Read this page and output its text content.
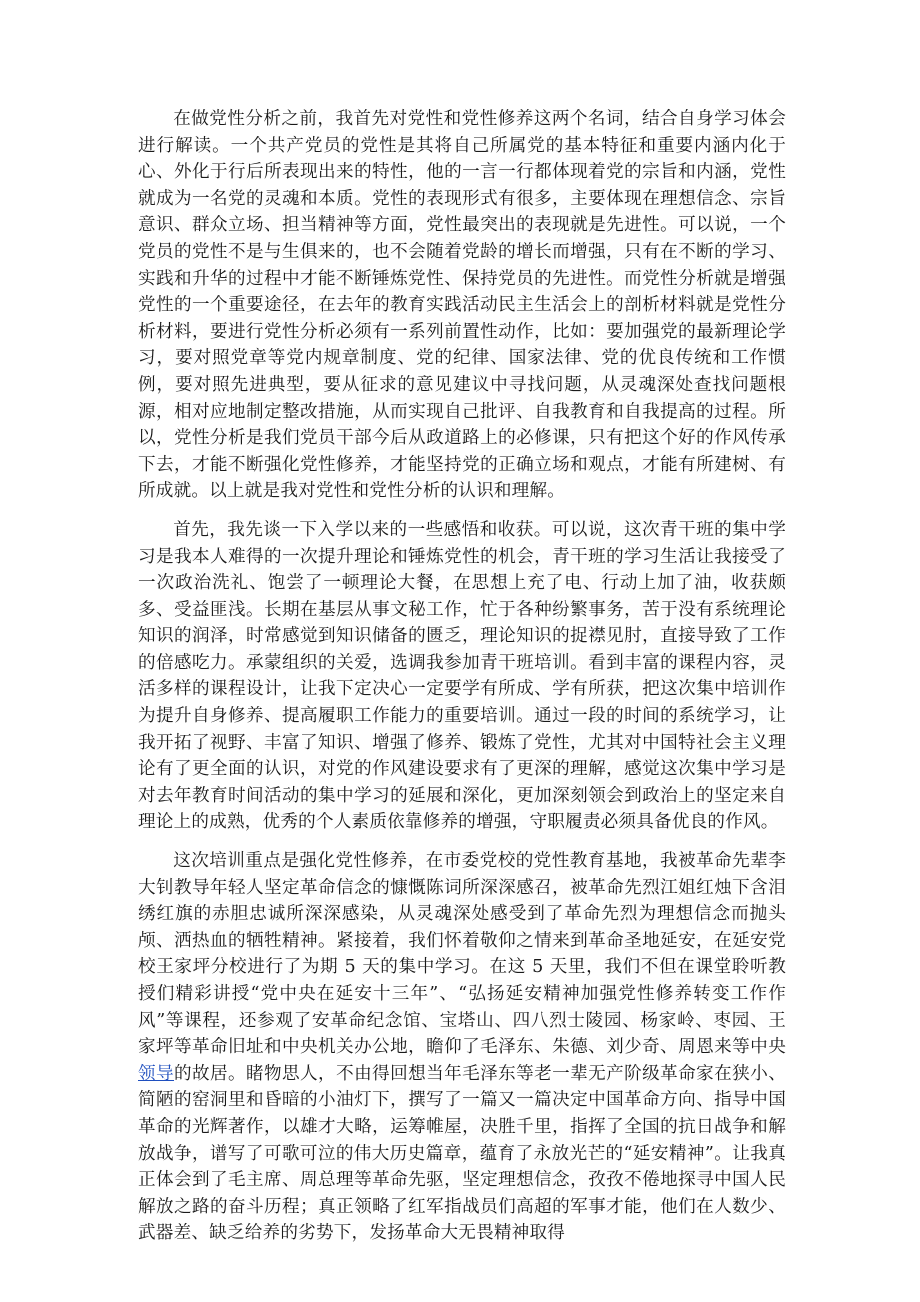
在做党性分析之前，我首先对党性和党性修养这两个名词，结合自身学习体会进行解读。一个共产党员的党性是其将自己所属党的基本特征和重要内涵内化于心、外化于行后所表现出来的特性，他的一言一行都体现着党的宗旨和内涵，党性就成为一名党的灵魂和本质。党性的表现形式有很多，主要体现在理想信念、宗旨意识、群众立场、担当精神等方面，党性最突出的表现就是先进性。可以说，一个党员的党性不是与生俱来的，也不会随着党龄的增长而增强，只有在不断的学习、实践和升华的过程中才能不断锤炼党性、保持党员的先进性。而党性分析就是增强党性的一个重要途径，在去年的教育实践活动民主生活会上的剖析材料就是党性分析材料，要进行党性分析必须有一系列前置性动作，比如：要加强党的最新理论学习，要对照党章等党内规章制度、党的纪律、国家法律、党的优良传统和工作惯例，要对照先进典型，要从征求的意见建议中寻找问题，从灵魂深处查找问题根源，相对应地制定整改措施，从而实现自己批评、自我教育和自我提高的过程。所以，党性分析是我们党员干部今后从政道路上的必修课，只有把这个好的作风传承下去，才能不断强化党性修养，才能坚持党的正确立场和观点，才能有所建树、有所成就。以上就是我对党性和党性分析的认识和理解。

首先，我先谈一下入学以来的一些感悟和收获。可以说，这次青干班的集中学习是我本人难得的一次提升理论和锤炼党性的机会，青干班的学习生活让我接受了一次政治洗礼、饱尝了一顿理论大餐，在思想上充了电、行动上加了油，收获颇多、受益匪浅。长期在基层从事文秘工作，忙于各种纷繁事务，苦于没有系统理论知识的润泽，时常感觉到知识储备的匮乏，理论知识的捉襟见肘，直接导致了工作的倍感吃力。承蒙组织的关爱，选调我参加青干班培训。看到丰富的课程内容，灵活多样的课程设计，让我下定决心一定要学有所成、学有所获，把这次集中培训作为提升自身修养、提高履职工作能力的重要培训。通过一段的时间的系统学习，让我开拓了视野、丰富了知识、增强了修养、锻炼了党性，尤其对中国特社会主义理论有了更全面的认识，对党的作风建设要求有了更深的理解，感觉这次集中学习是对去年教育时间活动的集中学习的延展和深化，更加深刻领会到政治上的坚定来自理论上的成熟，优秀的个人素质依靠修养的增强，守职履责必须具备优良的作风。

这次培训重点是强化党性修养，在市委党校的党性教育基地，我被革命先辈李大钊教导年轻人坚定革命信念的慷慨陈词所深深感召，被革命先烈江姐红烛下含泪绣红旗的赤胆忠诚所深深感染，从灵魂深处感受到了革命先烈为理想信念而抛头颅、洒热血的牺牲精神。紧接着，我们怀着敬仰之情来到革命圣地延安，在延安党校王家坪分校进行了为期 5 天的集中学习。在这 5 天里，我们不但在课堂聆听教授们精彩讲授“党中央在延安十三年”、“弘扬延安精神加强党性修养转变工作作风”等课程，还参观了安革命纪念馆、宝塔山、四八烈士陵园、杨家岭、枣园、王家坪等革命旧址和中央机关办公地，瞻仰了毛泽东、朱德、刘少奇、周恩来等中央领导的故居。睹物思人，不由得回想当年毛泽东等老一辈无产阶级革命家在狭小、简陋的窑洞里和昏暗的小油灯下，撰写了一篇又一篇决定中国革命方向、指导中国革命的光辉著作，以雄才大略，运筹帷屋，决胜千里，指挥了全国的抗日战争和解放战争，谱写了可歌可泣的伟大历史篇章，蕴育了永放光芒的“延安精神”。让我真正体会到了毛主席、周总理等革命先驱，坚定理想信念，孜孜不倦地探寻中国人民解放之路的奋斗历程；真正领略了红军指战员们高超的军事才能，他们在人数少、武器差、缺乏给养的劣势下，发扬革命大无畏精神取得
